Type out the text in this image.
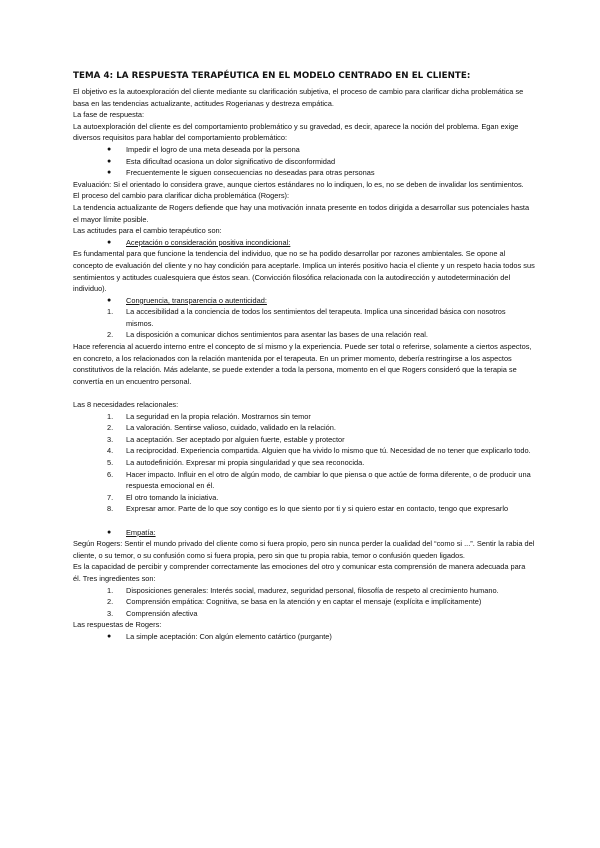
TEMA 4: LA RESPUESTA TERAPÉUTICA EN EL MODELO CENTRADO EN EL CLIENTE:

El objetivo es la autoexploración del cliente mediante su clarificación subjetiva, el proceso de cambio para clarificar dicha problemática se basa en las tendencias actualizante, actitudes Rogerianas y destreza empática.

La fase de respuesta:

La autoexploración del cliente es del comportamiento problemático y su gravedad, es decir, aparece la noción del problema. Egan exige diversos requisitos para hablar del comportamiento problemático:

● Impedir el logro de una meta deseada por la persona

● Esta dificultad ocasiona un dolor significativo de disconformidad

● Frecuentemente le siguen consecuencias no deseadas para otras personas

Evaluación: Si el orientado lo considera grave, aunque ciertos estándares no lo indiquen, lo es, no se deben de invalidar los sentimientos.

El proceso del cambio para clarificar dicha problemática (Rogers):

La tendencia actualizante de Rogers defiende que hay una motivación innata presente en todos dirigida a desarrollar sus potenciales hasta el mayor límite posible.

Las actitudes para el cambio terapéutico son:

● Aceptación o consideración positiva incondicional:

Es fundamental para que funcione la tendencia del individuo, que no se ha podido desarrollar por razones ambientales. Se opone al concepto de evaluación del cliente y no hay condición para aceptarle. Implica un interés positivo hacia el cliente y un respeto hacia todos sus sentimientos y actitudes cualesquiera que éstos sean. (Convicción filosófica relacionada con la autodirección y autodeterminación del individuo).

● Congruencia, transparencia o autenticidad:

1. La accesibilidad a la conciencia de todos los sentimientos del terapeuta. Implica una sinceridad básica con nosotros mismos.

2. La disposición a comunicar dichos sentimientos para asentar las bases de una relación real.

Hace referencia al acuerdo interno entre el concepto de sí mismo y la experiencia. Puede ser total o referirse, solamente a ciertos aspectos, en concreto, a los relacionados con la relación mantenida por el terapeuta. En un primer momento, debería restringirse a los aspectos constitutivos de la relación. Más adelante, se puede extender a toda la persona, momento en el que Rogers consideró que la terapia se convertía en un encuentro personal.

Las 8 necesidades relacionales:

1. La seguridad en la propia relación. Mostrarnos sin temor

2. La valoración. Sentirse valioso, cuidado, validado en la relación.

3. La aceptación. Ser aceptado por alguien fuerte, estable y protector

4. La reciprocidad. Experiencia compartida. Alguien que ha vivido lo mismo que tú. Necesidad de no tener que explicarlo todo.

5. La autodefinición. Expresar mi propia singularidad y que sea reconocida.

6. Hacer impacto. Influir en el otro de algún modo, de cambiar lo que piensa o que actúe de forma diferente, o de producir una respuesta emocional en él.

7. El otro tomando la iniciativa.

8. Expresar amor. Parte de lo que soy contigo es lo que siento por ti y si quiero estar en contacto, tengo que expresarlo

● Empatía:

Según Rogers: Sentir el mundo privado del cliente como si fuera propio, pero sin nunca perder la cualidad del “como si ...”. Sentir la rabia del cliente, o su temor, o su confusión como si fuera propia, pero sin que tu propia rabia, temor o confusión queden ligados.

Es la capacidad de percibir y comprender correctamente las emociones del otro y comunicar esta comprensión de manera adecuada para él. Tres ingredientes son:

1. Disposiciones generales: Interés social, madurez, seguridad personal, filosofía de respeto al crecimiento humano.

2. Comprensión empática: Cognitiva, se basa en la atención y en captar el mensaje (explícita e implícitamente)

3. Comprensión afectiva

Las respuestas de Rogers:

● La simple aceptación: Con algún elemento catártico (purgante)
